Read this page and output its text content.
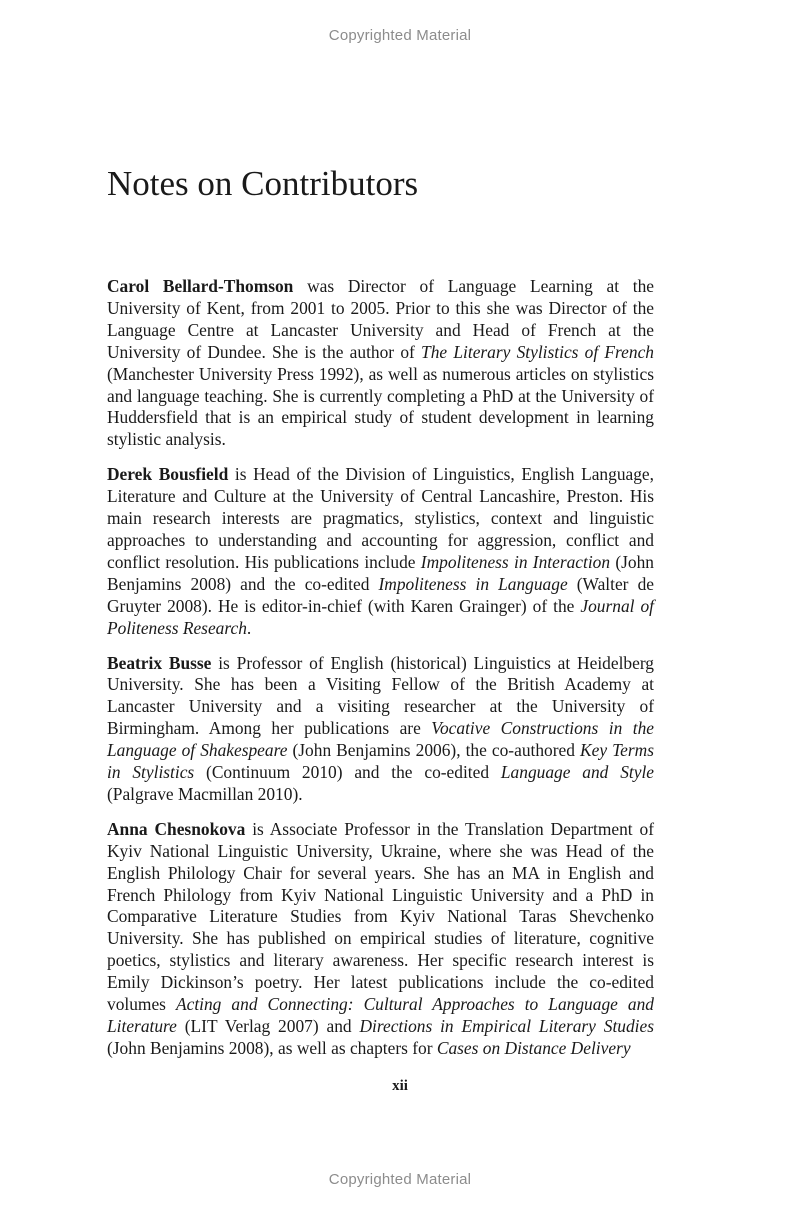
Copyrighted Material
Notes on Contributors

Carol Bellard-Thomson was Director of Language Learning at the University of Kent, from 2001 to 2005. Prior to this she was Director of the Language Centre at Lancaster University and Head of French at the University of Dundee. She is the author of The Literary Stylistics of French (Manchester University Press 1992), as well as numerous articles on stylistics and language teaching. She is currently completing a PhD at the University of Huddersfield that is an empirical study of student development in learning stylistic analysis.

Derek Bousfield is Head of the Division of Linguistics, English Language, Literature and Culture at the University of Central Lancashire, Preston. His main research interests are pragmatics, stylistics, context and linguistic approaches to understanding and accounting for aggression, conflict and conflict resolution. His publications include Impoliteness in Interaction (John Benjamins 2008) and the co-edited Impoliteness in Language (Walter de Gruyter 2008). He is editor-in-chief (with Karen Grainger) of the Journal of Politeness Research.

Beatrix Busse is Professor of English (historical) Linguistics at Heidelberg University. She has been a Visiting Fellow of the British Academy at Lancaster University and a visiting researcher at the University of Birmingham. Among her publications are Vocative Constructions in the Language of Shakespeare (John Benjamins 2006), the co-authored Key Terms in Stylistics (Continuum 2010) and the co-edited Language and Style (Palgrave Macmillan 2010).

Anna Chesnokova is Associate Professor in the Translation Department of Kyiv National Linguistic University, Ukraine, where she was Head of the English Philology Chair for several years. She has an MA in English and French Philology from Kyiv National Linguistic University and a PhD in Comparative Literature Studies from Kyiv National Taras Shevchenko University. She has published on empirical studies of literature, cognitive poetics, stylistics and literary awareness. Her specific research interest is Emily Dickinson’s poetry. Her latest publications include the co-edited volumes Acting and Connecting: Cultural Approaches to Language and Literature (LIT Verlag 2007) and Directions in Empirical Literary Studies (John Benjamins 2008), as well as chapters for Cases on Distance Delivery

xii
Copyrighted Material
